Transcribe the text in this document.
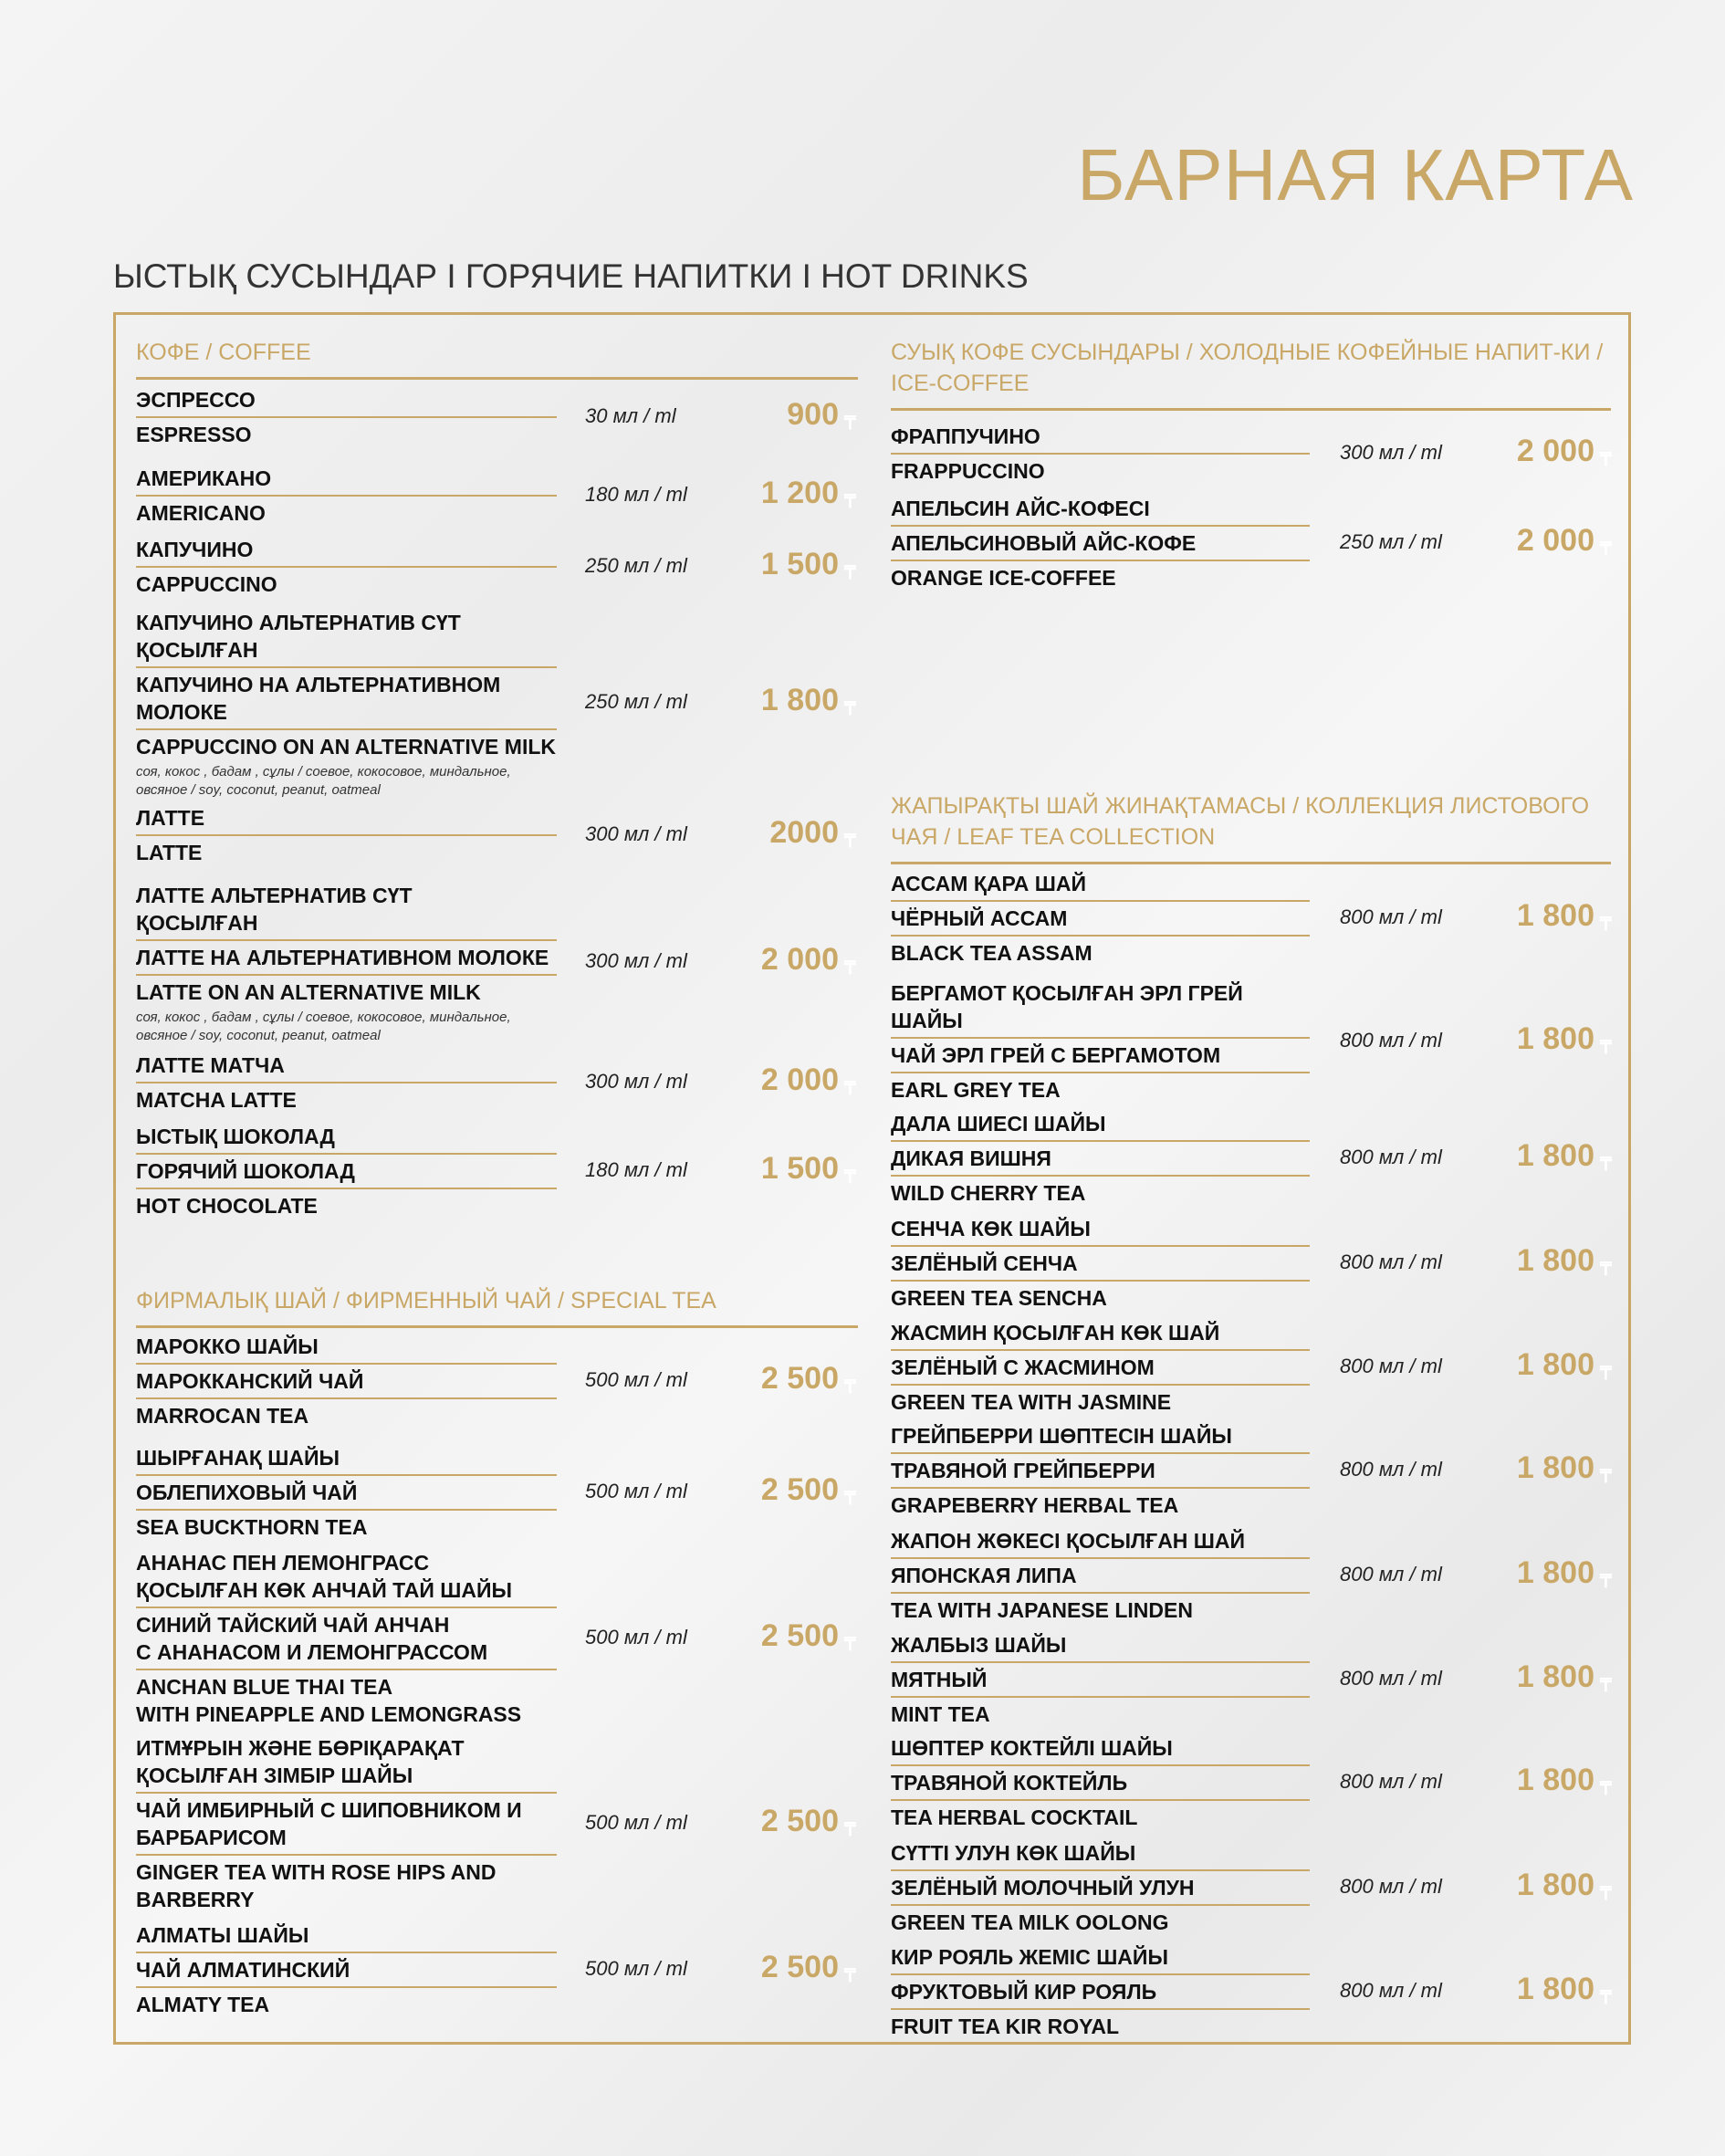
БАРНАЯ КАРТА
ЫСТЫҚ СУСЫНДАР І ГОРЯЧИЕ НАПИТКИ І HOT DRINKS
КОФЕ / COFFEE
ЭСПРЕССО
ESPRESSO
30 мл / ml	900 ₸
АМЕРИКАНО
AMERICANO
180 мл / ml	1 200 ₸
КАПУЧИНО
CAPPUCCINO
250 мл / ml	1 500 ₸
КАПУЧИНО АЛЬТЕРНАТИВ СҮТ
ҚОСЫЛҒАН
КАПУЧИНО НА АЛЬТЕРНАТИВНОМ
МОЛОКЕ
CAPPUCCINO ON AN ALTERNATIVE MILK
соя, кокос , бадам , сұлы / соевое, кокосовое, миндальное,
овсяное / soy, coconut, peanut, oatmeal
250 мл / ml	1 800 ₸
ЛАТТЕ
LATTE
300 мл / ml	2000 ₸
ЛАТТЕ АЛЬТЕРНАТИВ СҮТ
ҚОСЫЛҒАН
ЛАТТЕ НА АЛЬТЕРНАТИВНОМ МОЛОКЕ
LATTE ON AN ALTERNATIVE MILK
соя, кокос , бадам , сұлы / соевое, кокосовое, миндальное,
овсяное / soy, coconut, peanut, oatmeal
300 мл / ml	2 000 ₸
ЛАТТЕ МАТЧА
MATCHA LATTE
300 мл / ml	2 000 ₸
ЫСТЫҚ ШОКОЛАД
ГОРЯЧИЙ ШОКОЛАД
HOT CHOCOLATE
180 мл / ml	1 500 ₸
ФИРМАЛЫҚ ШАЙ / ФИРМЕННЫЙ ЧАЙ / SPECIAL TEA
МАРОККО ШАЙЫ
МАРОККАНСКИЙ ЧАЙ
MARROCAN TEA
500 мл / ml	2 500 ₸
ШЫРҒАНАҚ ШАЙЫ
ОБЛЕПИХОВЫЙ ЧАЙ
SEA BUCKTHORN TEA
500 мл / ml	2 500 ₸
АНАНАС ПЕН ЛЕМОНГРАСС
ҚОСЫЛҒАН КӨК АНЧАЙ ТАЙ ШАЙЫ
СИНИЙ ТАЙСКИЙ ЧАЙ АНЧАН
С АНАНАСОМ И ЛЕМОНГРАССОМ
ANCHAN BLUE THAI TEA
WITH PINEAPPLE AND LEMONGRASS
500 мл / ml	2 500 ₸
ИТМҰРЫН ЖӘНЕ БӨРІҚАРАҚАТ
ҚОСЫЛҒАН ЗІМБІР ШАЙЫ
ЧАЙ ИМБИРНЫЙ С ШИПОВНИКОМ И
БАРБАРИСОМ
GINGER TEA WITH ROSE HIPS AND
BARBERRY
500 мл / ml	2 500 ₸
АЛМАТЫ ШАЙЫ
ЧАЙ АЛМАТИНСКИЙ
ALMATY TEA
500 мл / ml	2 500 ₸
СУЫҚ КОФЕ СУСЫНДАРЫ / ХОЛОДНЫЕ КОФЕЙНЫЕ НАПИТ-КИ / ICE-COFFEE
ФРАППУЧИНО
FRAPPUCCINO
300 мл / ml	2 000 ₸
АПЕЛЬСИН АЙС-КОФЕСІ
АПЕЛЬСИНОВЫЙ АЙС-КОФЕ
ORANGE ICE-COFFEE
250 мл / ml	2 000 ₸
ЖАПЫРАҚТЫ ШАЙ ЖИНАҚТАМАСЫ / КОЛЛЕКЦИЯ ЛИСТОВОГО ЧАЯ / LEAF TEA COLLECTION
АССАМ ҚАРА ШАЙ
ЧЁРНЫЙ АССАМ
BLACK TEA ASSAM
800 мл / ml	1 800 ₸
БЕРГАМОТ ҚОСЫЛҒАН ЭРЛ ГРЕЙ
ШАЙЫ
ЧАЙ ЭРЛ ГРЕЙ С БЕРГАМОТОМ
EARL GREY TEA
800 мл / ml	1 800 ₸
ДАЛА ШИЕСІ ШАЙЫ
ДИКАЯ ВИШНЯ
WILD CHERRY TEA
800 мл / ml	1 800 ₸
СЕНЧА КӨК ШАЙЫ
ЗЕЛЁНЫЙ СЕНЧА
GREEN TEA SENCHA
800 мл / ml	1 800 ₸
ЖАСМИН ҚОСЫЛҒАН КӨК ШАЙ
ЗЕЛЁНЫЙ С ЖАСМИНОМ
GREEN TEA WITH JASMINE
800 мл / ml	1 800 ₸
ГРЕЙПБЕРРИ ШӨПТЕСІН ШАЙЫ
ТРАВЯНОЙ ГРЕЙПБЕРРИ
GRAPEBERRY HERBAL TEA
800 мл / ml	1 800 ₸
ЖАПОН ЖӨКЕСІ ҚОСЫЛҒАН ШАЙ
ЯПОНСКАЯ ЛИПА
TEA WITH JAPANESE LINDEN
800 мл / ml	1 800 ₸
ЖАЛБЫЗ ШАЙЫ
МЯТНЫЙ
MINT TEA
800 мл / ml	1 800 ₸
ШӨПТЕР КОКТЕЙЛІ ШАЙЫ
ТРАВЯНОЙ КОКТЕЙЛЬ
TEA HERBAL COCKTAIL
800 мл / ml	1 800 ₸
СҮТТІ УЛУН КӨК ШАЙЫ
ЗЕЛЁНЫЙ МОЛОЧНЫЙ УЛУН
GREEN TEA MILK OOLONG
800 мл / ml	1 800 ₸
КИР РОЯЛЬ ЖЕМІС ШАЙЫ
ФРУКТОВЫЙ КИР РОЯЛЬ
FRUIT TEA KIR ROYAL
800 мл / ml	1 800 ₸
